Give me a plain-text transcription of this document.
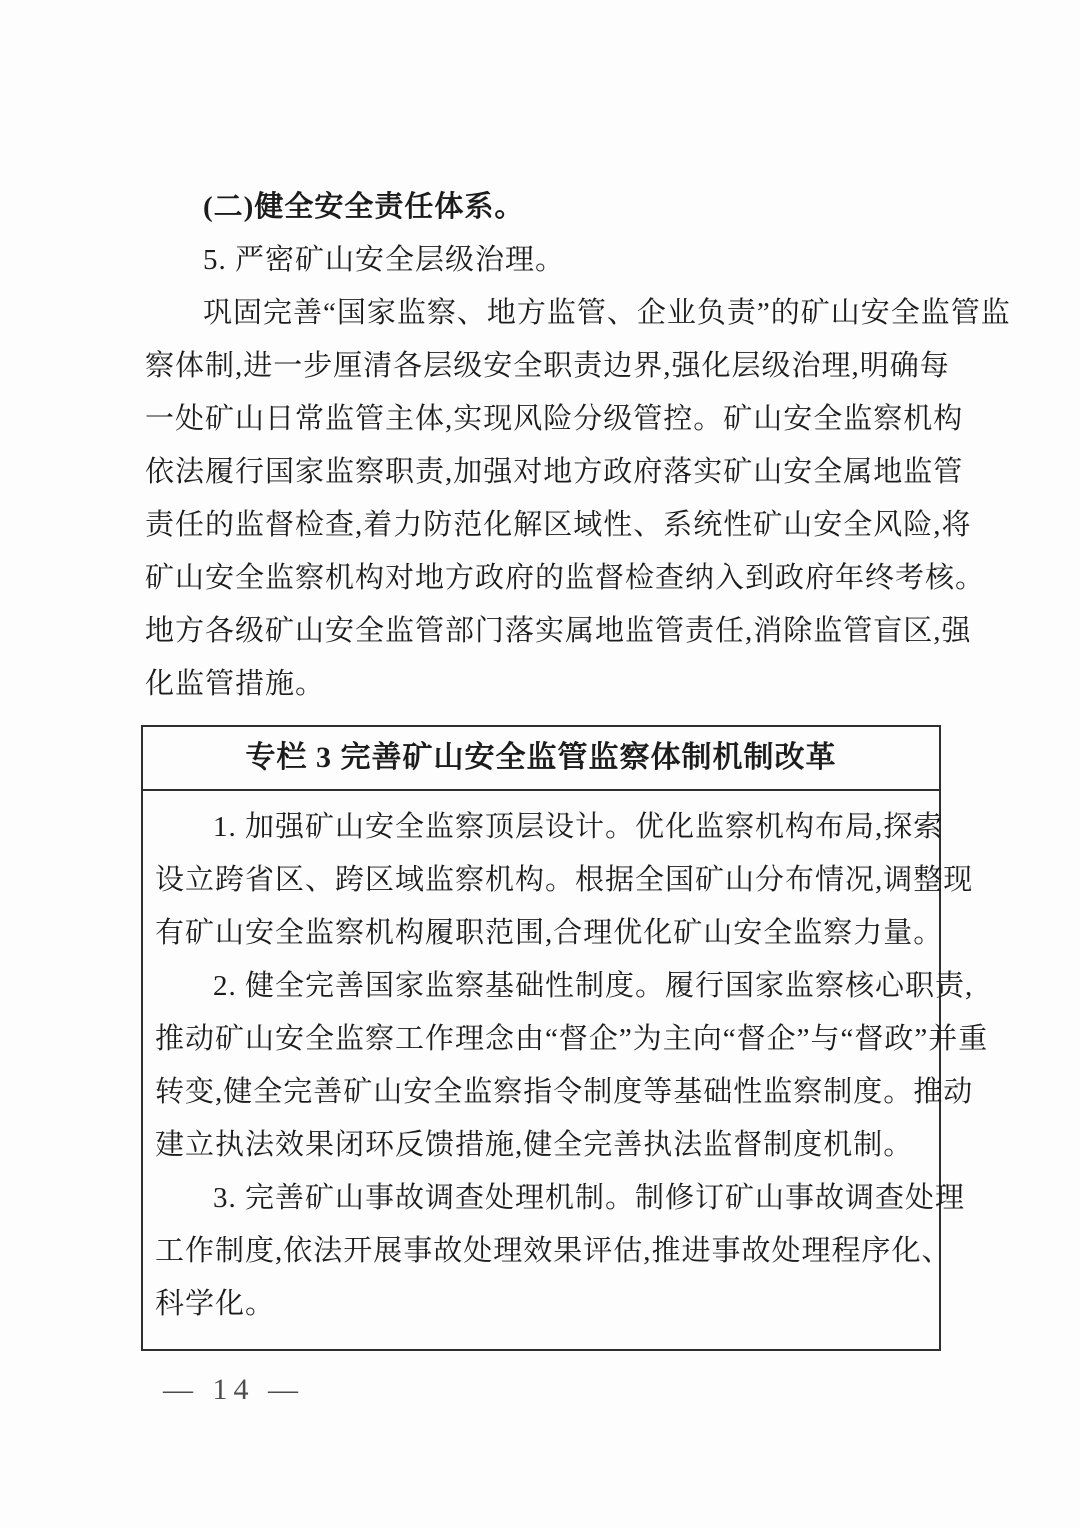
(二)健全安全责任体系。
5. 严密矿山安全层级治理。
巩固完善“国家监察、地方监管、企业负责”的矿山安全监管监
察体制,进一步厘清各层级安全职责边界,强化层级治理,明确每
一处矿山日常监管主体,实现风险分级管控。矿山安全监察机构
依法履行国家监察职责,加强对地方政府落实矿山安全属地监管
责任的监督检查,着力防范化解区域性、系统性矿山安全风险,将
矿山安全监察机构对地方政府的监督检查纳入到政府年终考核。
地方各级矿山安全监管部门落实属地监管责任,消除监管盲区,强
化监管措施。
专栏 3 完善矿山安全监管监察体制机制改革
1. 加强矿山安全监察顶层设计。优化监察机构布局,探索
设立跨省区、跨区域监察机构。根据全国矿山分布情况,调整现
有矿山安全监察机构履职范围,合理优化矿山安全监察力量。
2. 健全完善国家监察基础性制度。履行国家监察核心职责,
推动矿山安全监察工作理念由“督企”为主向“督企”与“督政”并重
转变,健全完善矿山安全监察指令制度等基础性监察制度。推动
建立执法效果闭环反馈措施,健全完善执法监督制度机制。
3. 完善矿山事故调查处理机制。制修订矿山事故调查处理
工作制度,依法开展事故处理效果评估,推进事故处理程序化、
科学化。
— 14 —
